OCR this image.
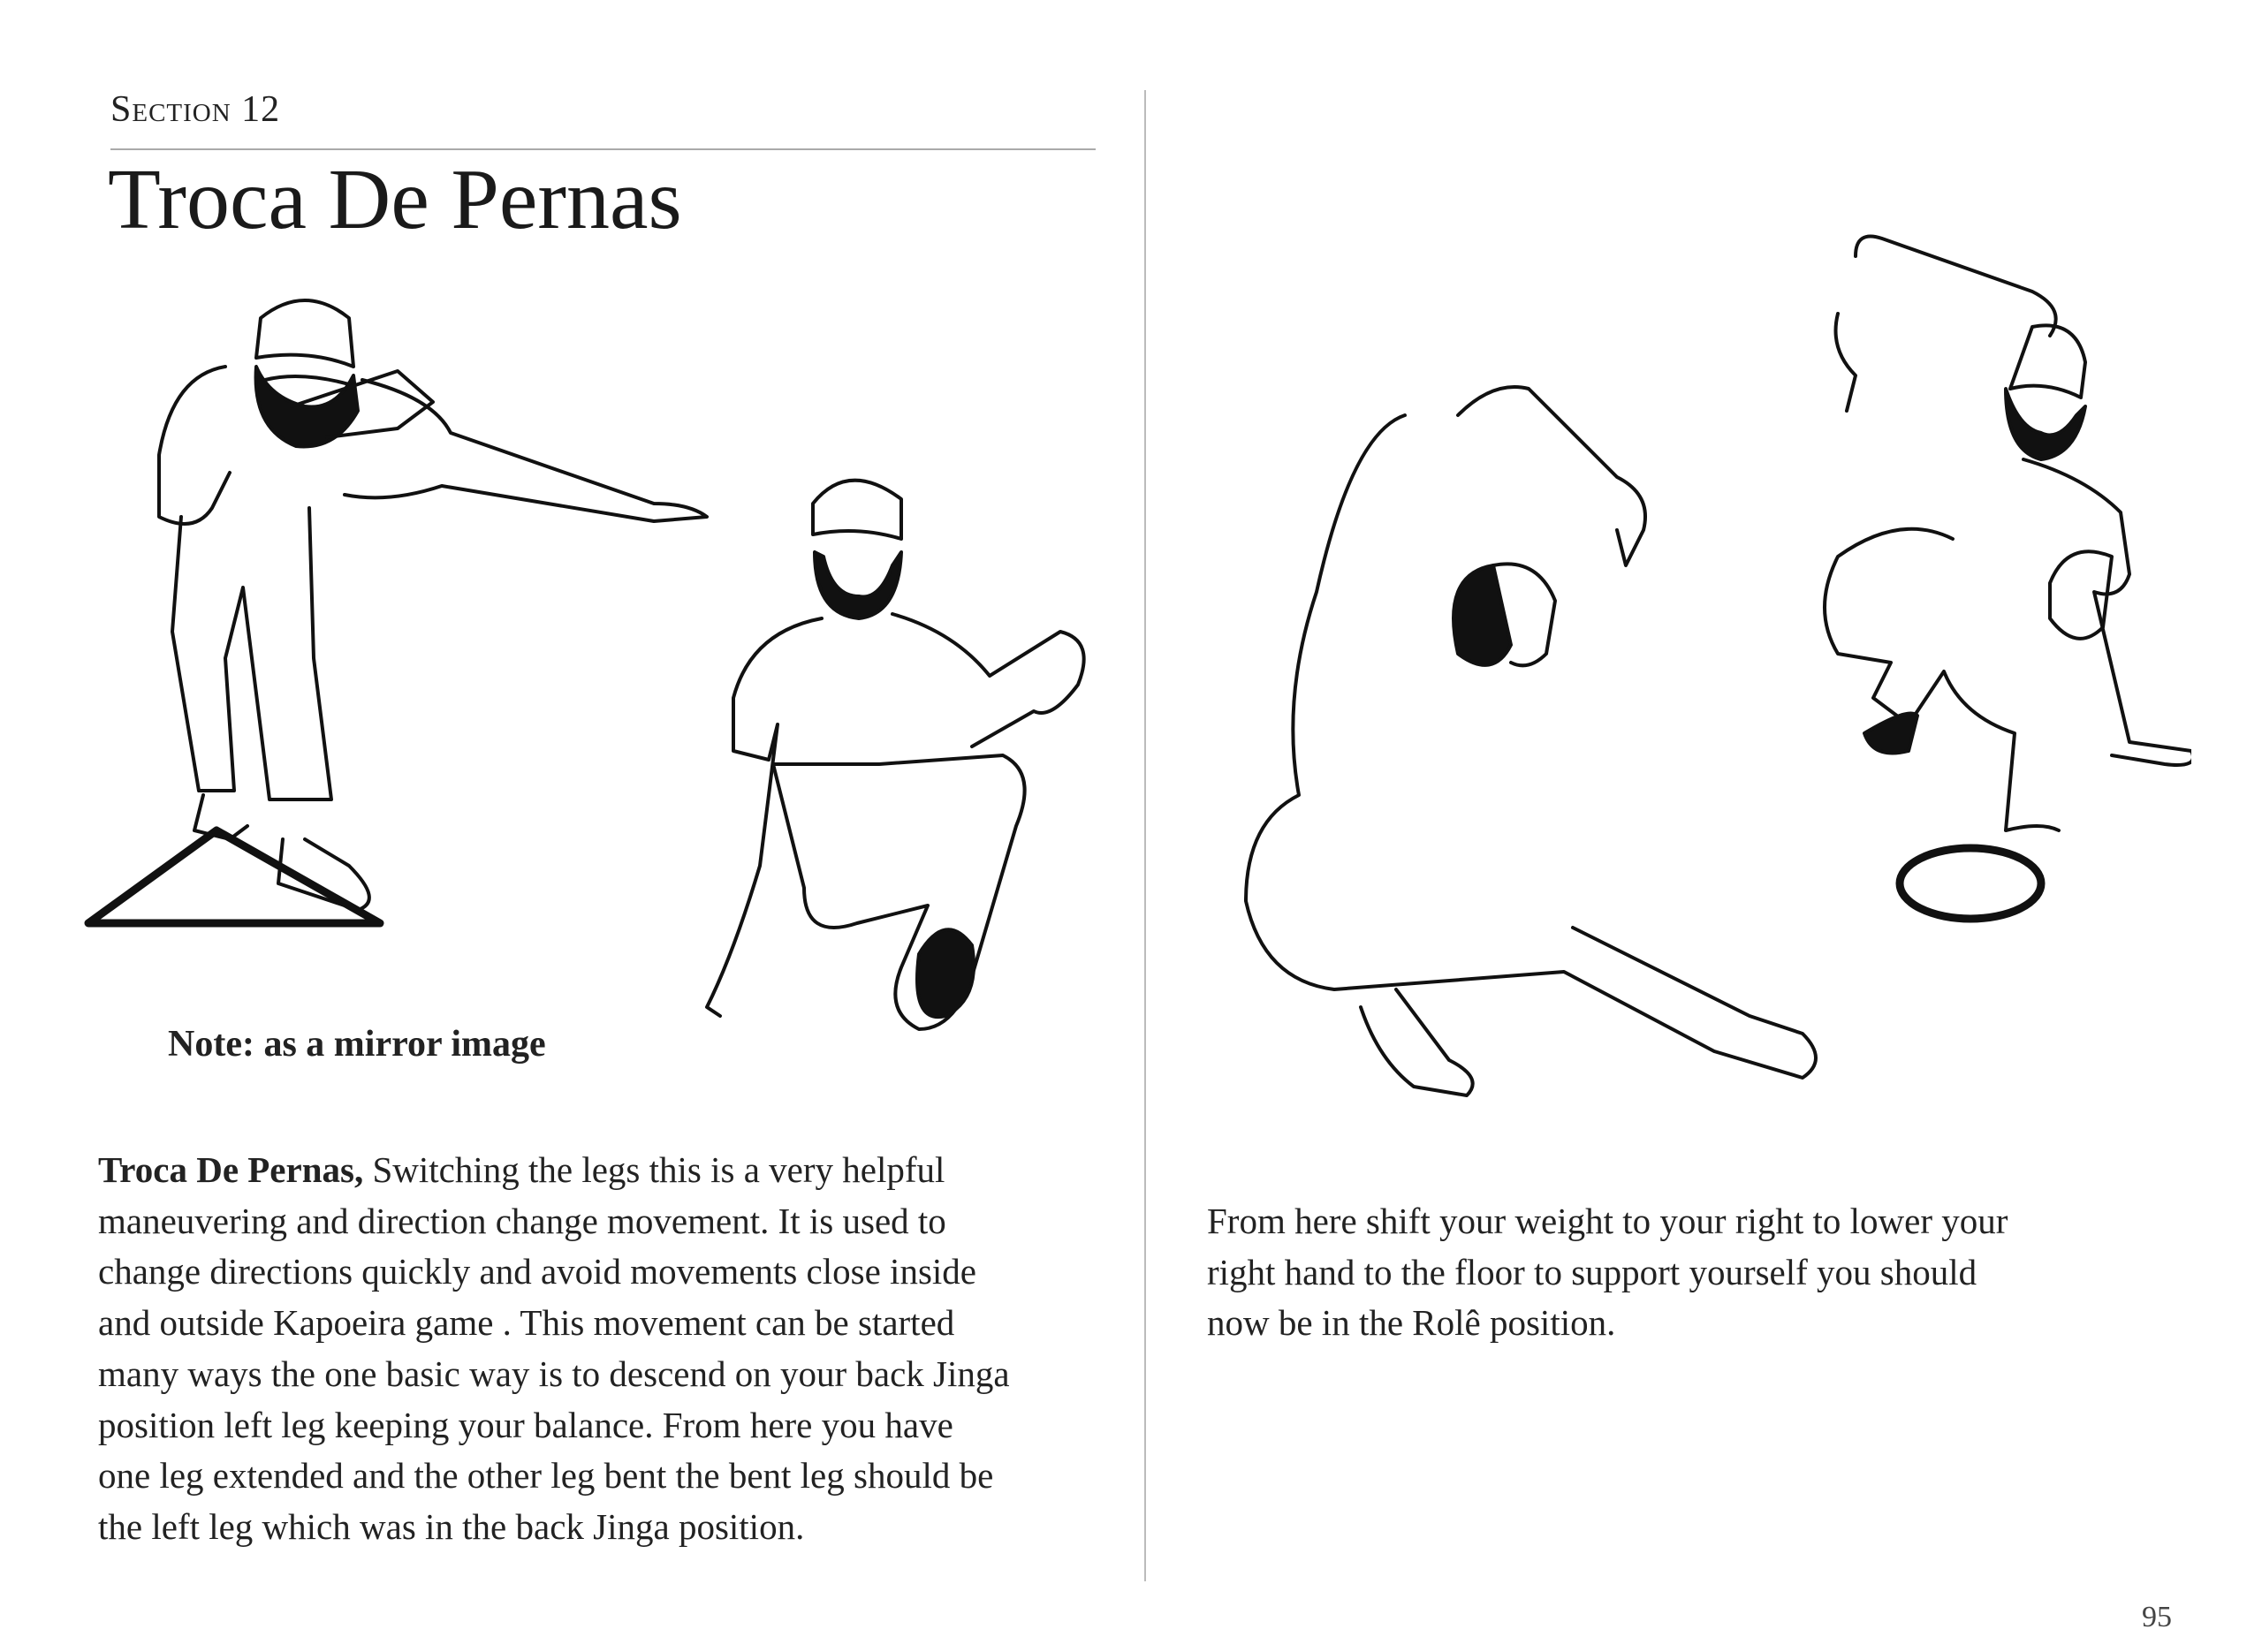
Section 12
Troca De Pernas
Note: as a mirror image
Troca De Pernas, Switching the legs this is a very helpful
maneuvering and direction change movement. It is used to
change directions quickly and avoid movements close inside
and outside Kapoeira game . This movement can be started
many ways the one basic way is to descend on your back Jinga
position left leg keeping your balance. From here you have
one leg extended and the other leg bent the bent leg should be
the left leg which was in the back Jinga position.
From here shift your weight to your right to lower your
right hand to the floor to support yourself you should
now be in the Rolê position.
95
